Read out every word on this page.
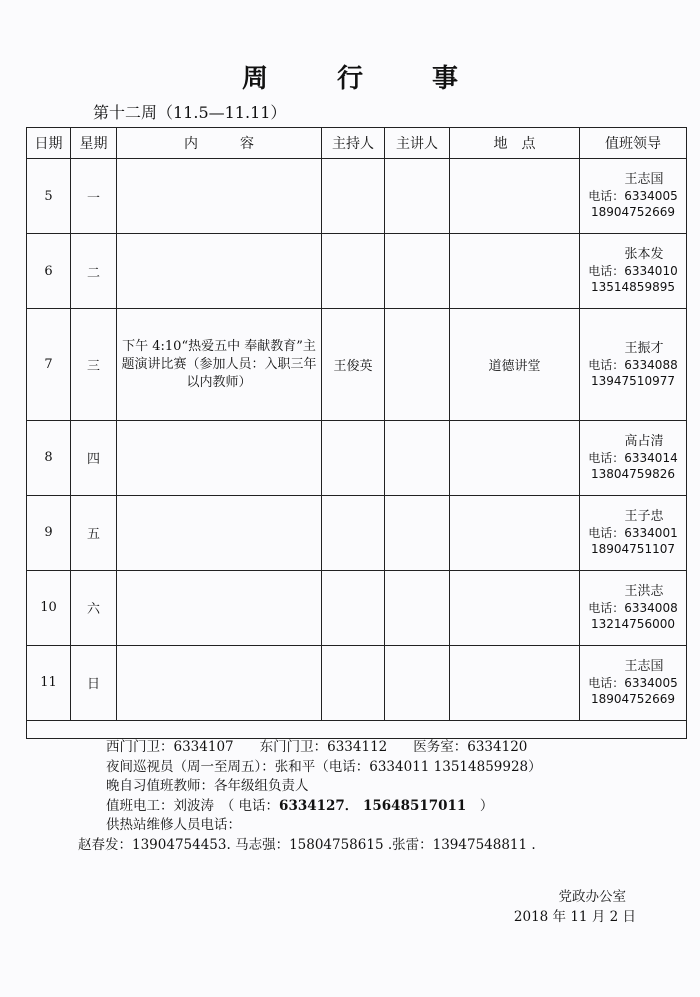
周 行 事
第十二周（11.5—11.11）
日期	星期	内　　　容	主持人	主讲人	地　点	值班领导
5	一					王志国
电话：6334005
18904752669
6	二					张本发
电话：6334010
13514859895
7	三	下午 4:10“热爱五中 奉献教育”主题演讲比赛（参加人员：入职三年以内教师）	王俊英		道德讲堂	王振才
电话：6334088
13947510977
8	四					高占清
电话：6334014
13804759826
9	五					王子忠
电话：6334001
18904751107
10	六					王洪志
电话：6334008
13214756000
11	日					王志国
电话：6334005
18904752669

西门门卫：6334107 东门门卫：6334112 医务室：6334120
夜间巡视员（周一至周五）：张和平（电话：6334011 13514859928）
晚自习值班教师：各年级组负责人
值班电工：刘波涛　（ 电话：6334127． 15648517011　）
供热站维修人员电话：
赵春发：13904754453. 马志强：15804758615 .张雷：13947548811 .
党政办公室
2018 年 11 月 2 日
